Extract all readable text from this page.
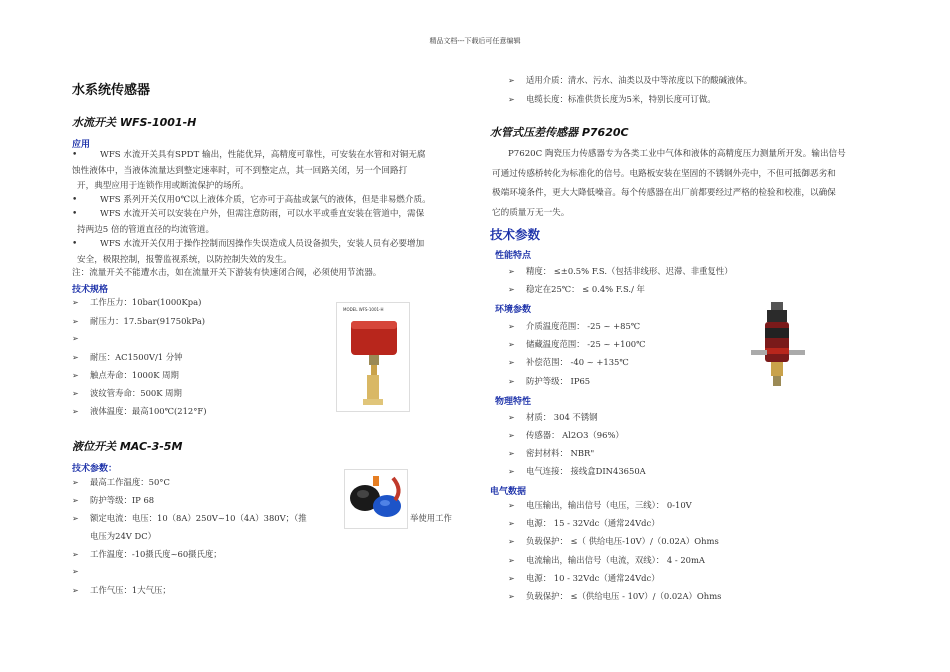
精品文档---下载后可任意编辑
水系统传感器
水流开关 WFS-1001-H
应用
•	WFS 水流开关具有SPDT 输出，性能优异，高精度可靠性，可安装在水管和对铜无腐
蚀性液体中，当液体流量达到整定速率时，可不到整定点，其一回路关闭，另一个回路打
开，典型应用于连锁作用或断流保护的场所。
•	WFS 系列开关仅用0℃以上液体介质，它亦可于高盐或氯气的液体，但是非易燃介质。
•	WFS 水流开关可以安装在户外，但需注意防雨，可以水平或垂直安装在管道中，需保
持两边5 倍的管道直径的均流管道。
•	WFS 水流开关仅用于操作控制而因操作失误造成人员设备损失，安装人员有必要增加
安全，极限控制，报警监视系统，以防控制失效的发生。
注：流量开关不能遭水击，如在流量开关下游装有快速闭合阀，必须使用节流器。
技术规格
➢ 工作压力：10bar(1000Kpa)
➢ 耐压力：17.5bar(91750kPa)
➢
➢ 耐压：AC1500V/1 分钟
➢ 触点寿命：1000K 周期
➢ 波纹管寿命：500K 周期
➢ 液体温度：最高100℃(212°F)
液位开关 MAC-3-5M
技术参数：
➢ 最高工作温度：50°C
➢ 防护等级：IP 68
➢ 额定电流：电压：10（8A）250V~10（4A）380V；（推
电压为24V DC）
➢ 工作温度：-10摄氏度~60摄氏度；
➢
➢ 工作气压：1大气压；
举使用工作
MODEL WFS-1001-H
➢ 适用介质：清水、污水、油类以及中等浓度以下的酸碱液体。
➢ 电缆长度：标准供货长度为5米，特别长度可订做。
水管式压差传感器 P7620C
P7620C 陶瓷压力传感器专为各类工业中气体和液体的高精度压力测量所开发。输出信号
可通过传感桥转化为标准化的信号。电路板安装在坚固的不锈钢外壳中，不但可抵御恶劣和
极端环境条件，更大大降低噪音。每个传感器在出厂前都要经过严格的检验和校准，以确保
它的质量万无一失。
技术参数
性能特点
➢ 精度： ≤±0.5% F.S.（包括非线形、迟滞、非重复性）
➢ 稳定在25℃： ≤ 0.4% F.S./ 年
环境参数
➢ 介质温度范围： -25 ~ +85℃
➢ 储藏温度范围： -25 ~ +100℃
➢ 补偿范围： -40 ~ +135℃
➢ 防护等级： IP65
物理特性
➢ 材质： 304 不锈钢
➢ 传感器： Al2O3（96%）
➢ 密封材料： NBR"
➢ 电气连接： 接线盒DIN43650A
电气数据
➢ 电压输出，输出信号（电压，三线）： 0-10V
➢ 电源： 15 - 32Vdc（通常24Vdc）
➢ 负载保护： ≤（ 供给电压-10V）/（0.02A）Ohms
➢ 电流输出，输出信号（电流，双线）： 4 - 20mA
➢ 电源： 10 - 32Vdc（通常24Vdc）
➢ 负载保护： ≤（供给电压 - 10V）/（0.02A）Ohms
